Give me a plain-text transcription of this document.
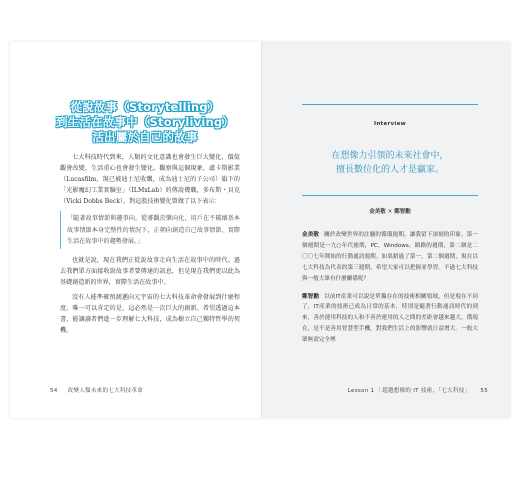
從說故事（Storytelling）
到生活在故事中（Storyliving）
活出屬於自己的故事

七大科技時代到來，人類的文化意識也會發生巨大變化，價值觀會改變，生活重心也會發生變化。觀察與這個現象，盧卡斯影業（Lucasfilm，現已被迪士尼收購，成為迪士尼的子公司）旗下的「光影魔幻工業實驗室」（ILMxLab）的傳說幾職，多布斯・貝克（Vicki Dobbs Beck），對這股技術變化曾做了以下表示：

「隨著故事情節與趣事向，從審觀於樂向化，用戶在不破壞基本故事情節本身完整性的情況下，正朝向創造自己故事情節，實際生活在故事中的趨勢發展。」

也就是說，現在我們正從說故事走向生活在故事中的時代。過去我們單方面接收說故事者要傳達的訊息，但是現在我們更以此為基礎創造新的世界，實際生活在故事中。

沒有人能準確預測邁向元宇宙的七大科技革命會發展到什麼程度，唯一可以肯定的是，這必然是一次巨大的創新。希望透過這本書，能讓讀者們進一步理解七大科技，成為樹立自己獨特哲學的契機。

54 改變人類未來的七大科技革命
Interview
在想像力引領的未來社會中，
擅長數位化的人才是贏家。
金美敬 ✕ 鄭智勳

金美敬 關於改變世界的註騷的循環週期，讓我留下深刻的印象。第一個週期是一九○年代後期，PC、Windows、網路的週期，第二個是二〇〇七年開始的行動通訊週期。如果錯過了第一、第二個週期，現在以七大科技為代表的第三週期，希望大家可以把握並學習。不過七大科技與一般大眾有什麼關係呢？

鄭智勳 以前IT產業可以說是單獨存在的技術相關領域，但是現在不同了，IT產業的技術已成為日常的基本，特別是隨著行動通訊時代的到來，善於運用科技的人和不善於運用的人之間的差距會越來越大。俄現在，是不是善用智慧型手機，對我們生活上的影響就日益增大。一般大眾無需完全理

Lesson 1 ｜超越想像的 IT 技術，「七大科技」 55
